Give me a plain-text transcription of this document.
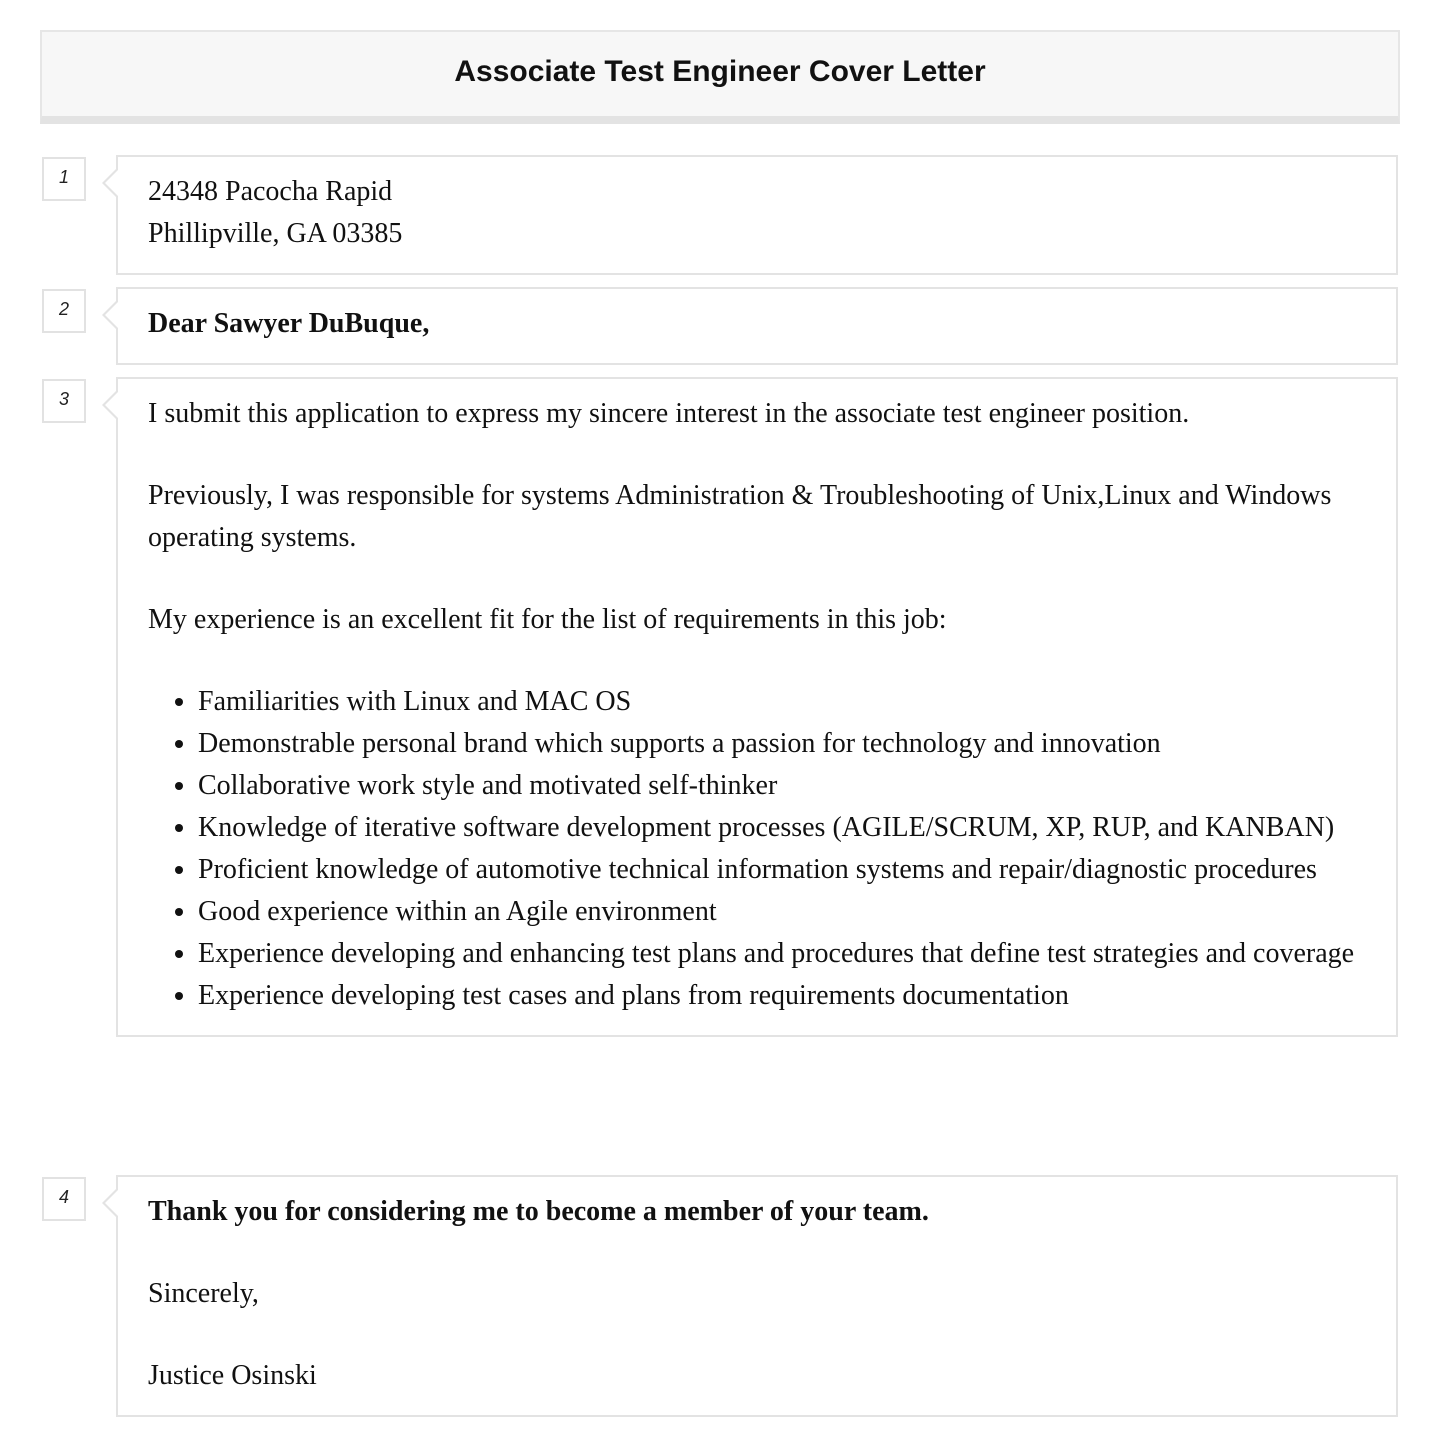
Associate Test Engineer Cover Letter
1	24348 Pacocha Rapid
Phillipville, GA 03385
2	Dear Sawyer DuBuque,
3	I submit this application to express my sincere interest in the associate test engineer position.

Previously, I was responsible for systems Administration & Troubleshooting of Unix,Linux and Windows operating systems.

My experience is an excellent fit for the list of requirements in this job:

• Familiarities with Linux and MAC OS
• Demonstrable personal brand which supports a passion for technology and innovation
• Collaborative work style and motivated self-thinker
• Knowledge of iterative software development processes (AGILE/SCRUM, XP, RUP, and KANBAN)
• Proficient knowledge of automotive technical information systems and repair/diagnostic procedures
• Good experience within an Agile environment
• Experience developing and enhancing test plans and procedures that define test strategies and coverage
• Experience developing test cases and plans from requirements documentation
4	Thank you for considering me to become a member of your team.

Sincerely,

Justice Osinski
